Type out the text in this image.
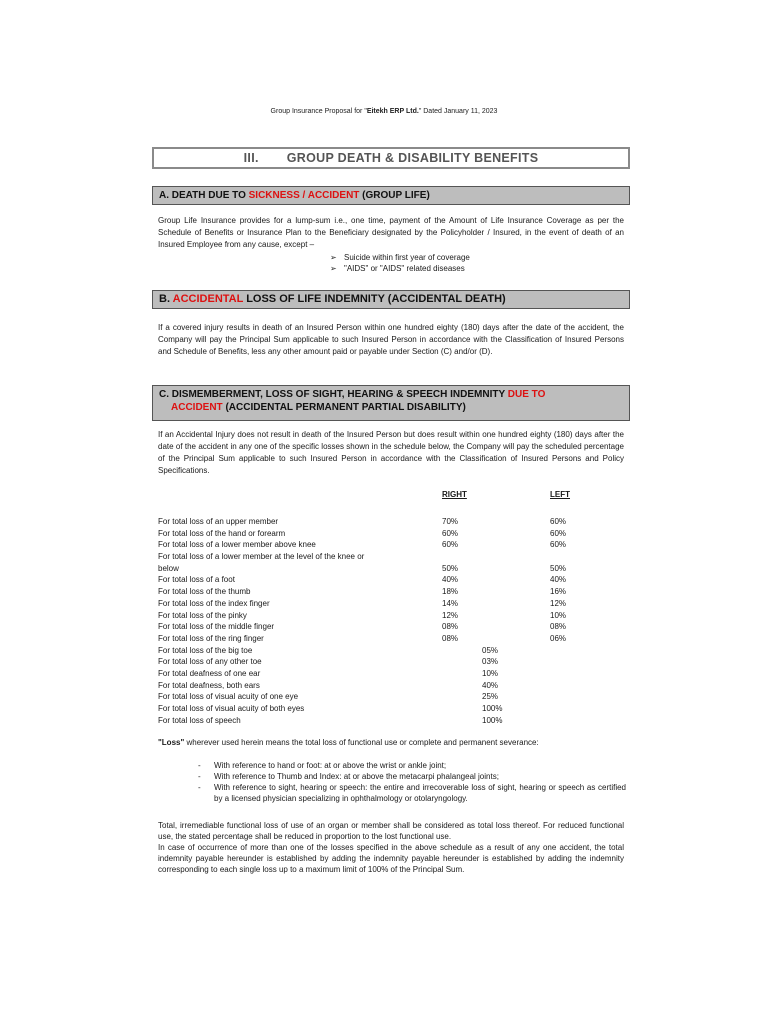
Group Insurance Proposal for "Eitekh ERP Ltd." Dated January 11, 2023
III. GROUP DEATH & DISABILITY BENEFITS
A. DEATH DUE TO SICKNESS / ACCIDENT (GROUP LIFE)
Group Life Insurance provides for a lump-sum i.e., one time, payment of the Amount of Life Insurance Coverage as per the Schedule of Benefits or Insurance Plan to the Beneficiary designated by the Policyholder / Insured, in the event of death of an Insured Employee from any cause, except –
➢ Suicide within first year of coverage
➢ "AIDS" or "AIDS" related diseases
B. ACCIDENTAL LOSS OF LIFE INDEMNITY (ACCIDENTAL DEATH)
If a covered injury results in death of an Insured Person within one hundred eighty (180) days after the date of the accident, the Company will pay the Principal Sum applicable to such Insured Person in accordance with the Classification of Insured Persons and Schedule of Benefits, less any other amount paid or payable under Section (C) and/or (D).
C. DISMEMBERMENT, LOSS OF SIGHT, HEARING & SPEECH INDEMNITY DUE TO
ACCIDENT (ACCIDENTAL PERMANENT PARTIAL DISABILITY)
If an Accidental Injury does not result in death of the Insured Person but does result within one hundred eighty (180) days after the date of the accident in any one of the specific losses shown in the schedule below, the Company will pay the scheduled percentage of the Principal Sum applicable to such Insured Person in accordance with the Classification of Insured Persons and Policy Specifications.
RIGHT	LEFT
For total loss of an upper member	70%	60%
For total loss of the hand or forearm	60%	60%
For total loss of a lower member above knee	60%	60%
For total loss of a lower member at the level of the knee or
below	50%	50%
For total loss of a foot	40%	40%
For total loss of the thumb	18%	16%
For total loss of the index finger	14%	12%
For total loss of the pinky	12%	10%
For total loss of the middle finger	08%	08%
For total loss of the ring finger	08%	06%
For total loss of the big toe	05%
For total loss of any other toe	03%
For total deafness of one ear	10%
For total deafness, both ears	40%
For total loss of visual acuity of one eye	25%
For total loss of visual acuity of both eyes	100%
For total loss of speech	100%
"Loss" wherever used herein means the total loss of functional use or complete and permanent severance:
- With reference to hand or foot: at or above the wrist or ankle joint;
- With reference to Thumb and Index: at or above the metacarpi phalangeal joints;
- With reference to sight, hearing or speech: the entire and irrecoverable loss of sight, hearing or speech as certified by a licensed physician specializing in ophthalmology or otolaryngology.
Total, irremediable functional loss of use of an organ or member shall be considered as total loss thereof. For reduced functional use, the stated percentage shall be reduced in proportion to the lost functional use.
In case of occurrence of more than one of the losses specified in the above schedule as a result of any one accident, the total indemnity payable hereunder is established by adding the indemnity payable hereunder is established by adding the indemnity corresponding to each single loss up to a maximum limit of 100% of the Principal Sum.
